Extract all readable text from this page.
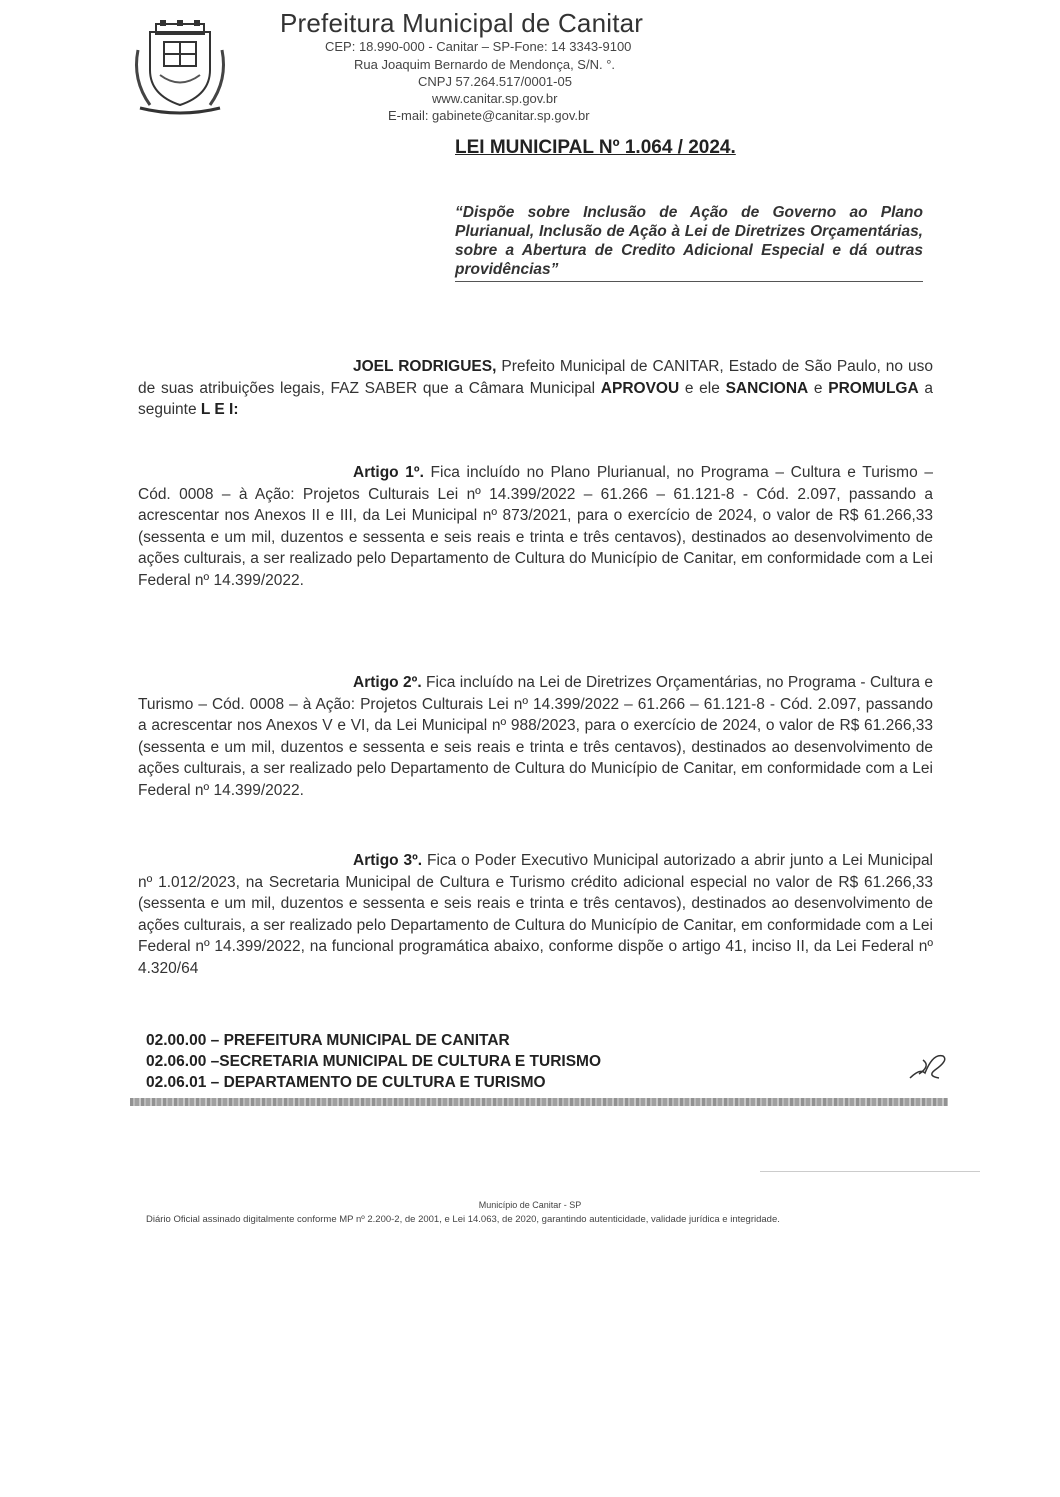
Prefeitura Municipal de Canitar
CEP: 18.990-000 - Canitar – SP-Fone: 14 3343-9100
Rua Joaquim Bernardo de Mendonça, S/N. °.
CNPJ 57.264.517/0001-05
www.canitar.sp.gov.br
E-mail: gabinete@canitar.sp.gov.br
LEI MUNICIPAL Nº 1.064 / 2024.
“Dispõe sobre Inclusão de Ação de Governo ao Plano Plurianual, Inclusão de Ação à Lei de Diretrizes Orçamentárias, sobre a Abertura de Credito Adicional Especial e dá outras providências”
JOEL RODRIGUES, Prefeito Municipal de CANITAR, Estado de São Paulo, no uso de suas atribuições legais, FAZ SABER que a Câmara Municipal APROVOU e ele SANCIONA e PROMULGA a seguinte L E I:
Artigo 1º. Fica incluído no Plano Plurianual, no Programa – Cultura e Turismo – Cód. 0008 – à Ação: Projetos Culturais Lei nº 14.399/2022 – 61.266 – 61.121-8 - Cód. 2.097, passando a acrescentar nos Anexos II e III, da Lei Municipal nº 873/2021, para o exercício de 2024, o valor de R$ 61.266,33 (sessenta e um mil, duzentos e sessenta e seis reais e trinta e três centavos), destinados ao desenvolvimento de ações culturais, a ser realizado pelo Departamento de Cultura do Município de Canitar, em conformidade com a Lei Federal nº 14.399/2022.
Artigo 2º. Fica incluído na Lei de Diretrizes Orçamentárias, no Programa - Cultura e Turismo – Cód. 0008 – à Ação: Projetos Culturais Lei nº 14.399/2022 – 61.266 – 61.121-8 - Cód. 2.097, passando a acrescentar nos Anexos V e VI, da Lei Municipal nº 988/2023, para o exercício de 2024, o valor de R$ 61.266,33 (sessenta e um mil, duzentos e sessenta e seis reais e trinta e três centavos), destinados ao desenvolvimento de ações culturais, a ser realizado pelo Departamento de Cultura do Município de Canitar, em conformidade com a Lei Federal nº 14.399/2022.
Artigo 3º. Fica o Poder Executivo Municipal autorizado a abrir junto a Lei Municipal nº 1.012/2023, na Secretaria Municipal de Cultura e Turismo crédito adicional especial no valor de R$ 61.266,33 (sessenta e um mil, duzentos e sessenta e seis reais e trinta e três centavos), destinados ao desenvolvimento de ações culturais, a ser realizado pelo Departamento de Cultura do Município de Canitar, em conformidade com a Lei Federal nº 14.399/2022, na funcional programática abaixo, conforme dispõe o artigo 41, inciso II, da Lei Federal nº 4.320/64
02.00.00 – PREFEITURA MUNICIPAL DE CANITAR
02.06.00 –SECRETARIA MUNICIPAL DE CULTURA E TURISMO
02.06.01 – DEPARTAMENTO DE CULTURA E TURISMO
Município de Canitar - SP
Diário Oficial assinado digitalmente conforme MP nº 2.200-2, de 2001, e Lei 14.063, de 2020, garantindo autenticidade, validade jurídica e integridade.
